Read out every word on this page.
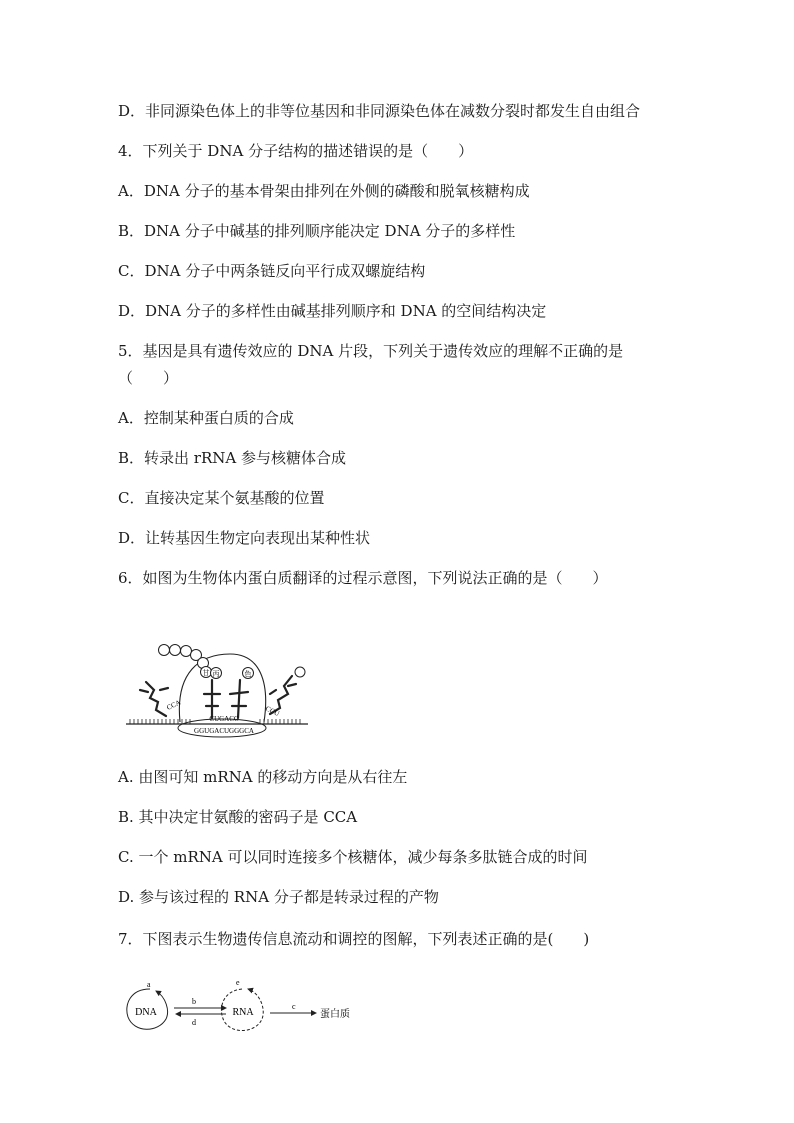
D．非同源染色体上的非等位基因和非同源染色体在减数分裂时都发生自由组合
4．下列关于 DNA 分子结构的描述错误的是（　　）
A．DNA 分子的基本骨架由排列在外侧的磷酸和脱氧核糖构成
B．DNA 分子中碱基的排列顺序能决定 DNA 分子的多样性
C．DNA 分子中两条链反向平行成双螺旋结构
D．DNA 分子的多样性由碱基排列顺序和 DNA 的空间结构决定
5．基因是具有遗传效应的 DNA 片段，下列关于遗传效应的理解不正确的是
（　　）
A．控制某种蛋白质的合成
B．转录出 rRNA 参与核糖体合成
C．直接决定某个氨基酸的位置
D．让转基因生物定向表现出某种性状
6．如图为生物体内蛋白质翻译的过程示意图，下列说法正确的是（　　）
A. 由图可知 mRNA 的移动方向是从右往左
B. 其中决定甘氨酸的密码子是 CCA
C. 一个 mRNA 可以同时连接多个核糖体，减少每条多肽链合成的时间
D. 参与该过程的 RNA 分子都是转录过程的产物
7．下图表示生物遗传信息流动和调控的图解，下列表述正确的是(　　)
甘 丙	色
CCA	CCU
CUGACC
GGUGACUGGGCA
a
DNA
b
d
e
RNA
c
蛋白质
